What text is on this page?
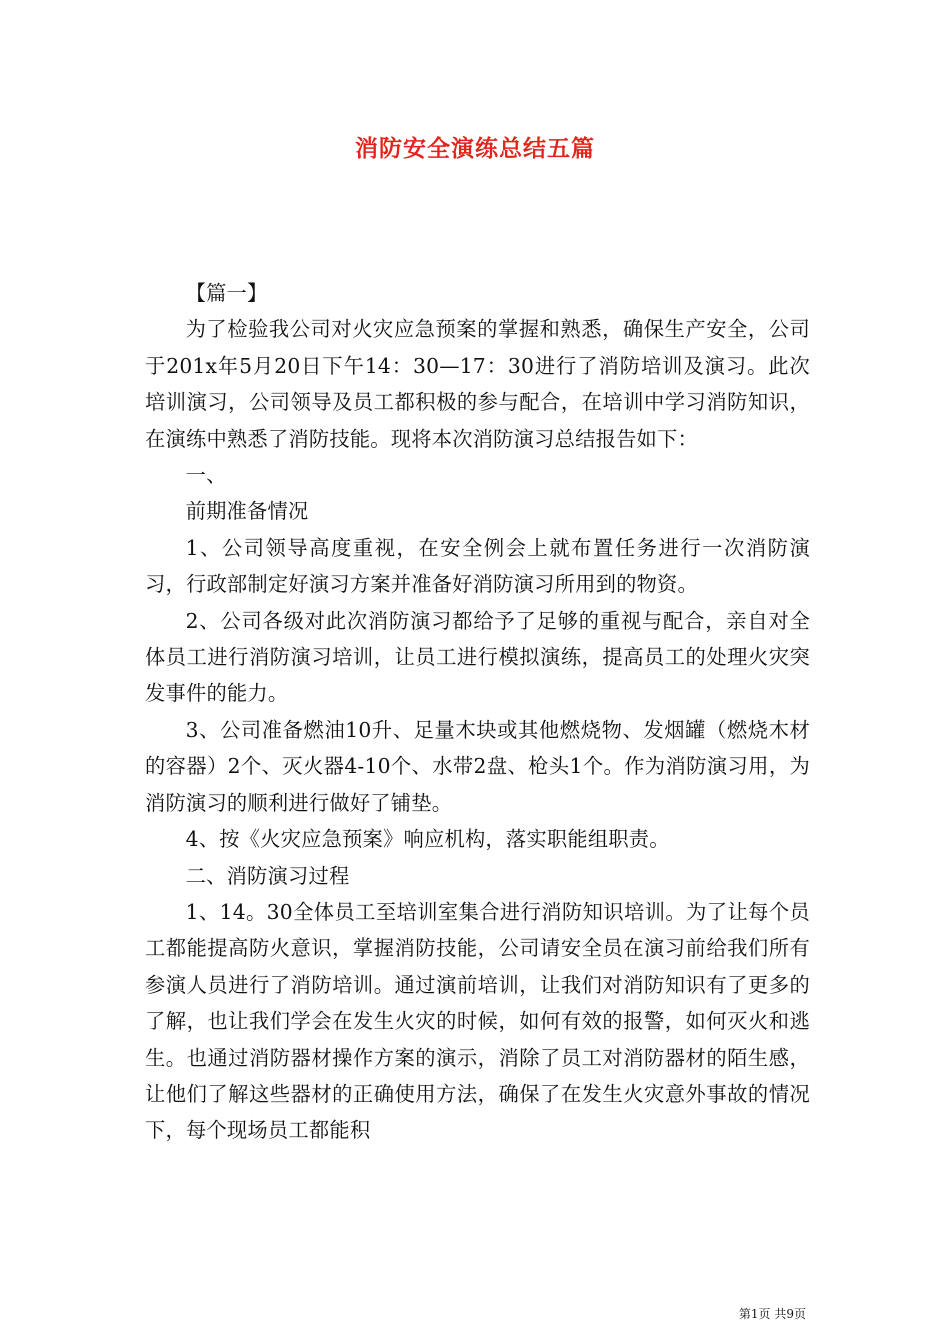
消防安全演练总结五篇

【篇一】

为了检验我公司对火灾应急预案的掌握和熟悉，确保生产安全，公司于201x年5月20日下午14：30—17：30进行了消防培训及演习。此次培训演习，公司领导及员工都积极的参与配合，在培训中学习消防知识，在演练中熟悉了消防技能。现将本次消防演习总结报告如下：

一、

前期准备情况

1、公司领导高度重视，在安全例会上就布置任务进行一次消防演习，行政部制定好演习方案并准备好消防演习所用到的物资。

2、公司各级对此次消防演习都给予了足够的重视与配合，亲自对全体员工进行消防演习培训，让员工进行模拟演练，提高员工的处理火灾突发事件的能力。

3、公司准备燃油10升、足量木块或其他燃烧物、发烟罐（燃烧木材的容器）2个、灭火器4-10个、水带2盘、枪头1个。作为消防演习用，为消防演习的顺利进行做好了铺垫。

4、按《火灾应急预案》响应机构，落实职能组职责。

二、消防演习过程

1、14。30全体员工至培训室集合进行消防知识培训。为了让每个员工都能提高防火意识，掌握消防技能，公司请安全员在演习前给我们所有参演人员进行了消防培训。通过演前培训，让我们对消防知识有了更多的了解，也让我们学会在发生火灾的时候，如何有效的报警，如何灭火和逃生。也通过消防器材操作方案的演示，消除了员工对消防器材的陌生感，让他们了解这些器材的正确使用方法，确保了在发生火灾意外事故的情况下，每个现场员工都能积

第1页 共9页
